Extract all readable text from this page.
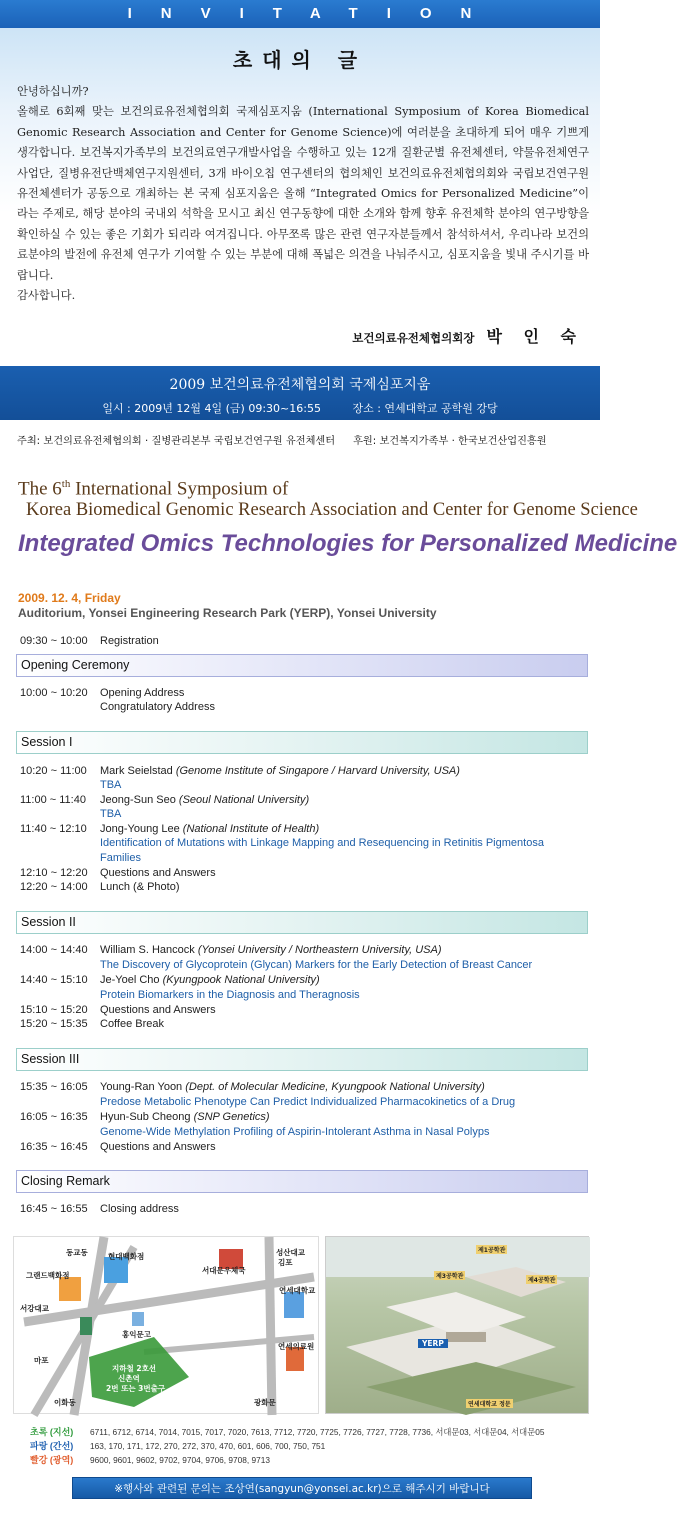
INVITATION
초대의 글

안녕하십니까?

올해로 6회째 맞는 보건의료유전체협의회 국제심포지움 (International Symposium of Korea Biomedical Genomic Research Association and Center for Genome Science)에 여러분을 초대하게 되어 매우 기쁘게 생각합니다. 보건복지가족부의 보건의료연구개발사업을 수행하고 있는 12개 질환군별 유전체센터, 약물유전체연구사업단, 질병유전단백체연구지원센터, 3개 바이오칩 연구센터의 협의체인 보건의료유전체협의회와 국립보건연구원 유전체센터가 공동으로 개최하는 본 국제 심포지움은 올해 “Integrated Omics for Personalized Medicine”이라는 주제로, 해당 분야의 국내외 석학을 모시고 최신 연구동향에 대한 소개와 함께 향후 유전체학 분야의 연구방향을 확인하실 수 있는 좋은 기회가 되리라 여겨집니다. 아무쪼록 많은 관련 연구자분들께서 참석하셔서, 우리나라 보건의료분야의 발전에 유전체 연구가 기여할 수 있는 부분에 대해 폭넓은 의견을 나눠주시고, 심포지움을 빛내 주시기를 바랍니다.

감사합니다.

보건의료유전체협의회장 박 인 숙
2009 보건의료유전체협의회 국제심포지움
일시 : 2009년 12월 4일 (금) 09:30~16:55	장소 : 연세대학교 공학원 강당
주최: 보건의료유전체협의회 · 질병관리본부 국립보건연구원 유전체센터 후원: 보건복지가족부 · 한국보건산업진흥원
The 6th International Symposium of
Korea Biomedical Genomic Research Association and Center for Genome Science
Integrated Omics Technologies for Personalized Medicine
2009. 12. 4, Friday
Auditorium, Yonsei Engineering Research Park (YERP), Yonsei University
09:30 ~ 10:00 Registration
Opening Ceremony
10:00 ~ 10:20 Opening Address
Congratulatory Address
Session I
10:20 ~ 11:00 Mark Seielstad (Genome Institute of Singapore / Harvard University, USA)
TBA
11:00 ~ 11:40 Jeong-Sun Seo (Seoul National University)
TBA
11:40 ~ 12:10 Jong-Young Lee (National Institute of Health)
Identification of Mutations with Linkage Mapping and Resequencing in Retinitis Pigmentosa
Families
12:10 ~ 12:20 Questions and Answers
12:20 ~ 14:00 Lunch (& Photo)
Session II
14:00 ~ 14:40 William S. Hancock (Yonsei University / Northeastern University, USA)
The Discovery of Glycoprotein (Glycan) Markers for the Early Detection of Breast Cancer
14:40 ~ 15:10 Je-Yoel Cho (Kyungpook National University)
Protein Biomarkers in the Diagnosis and Theragnosis
15:10 ~ 15:20 Questions and Answers
15:20 ~ 15:35 Coffee Break
Session III
15:35 ~ 16:05 Young-Ran Yoon (Dept. of Molecular Medicine, Kyungpook National University)
Predose Metabolic Phenotype Can Predict Individualized Pharmacokinetics of a Drug
16:05 ~ 16:35 Hyun-Sub Cheong (SNP Genetics)
Genome-Wide Methylation Profiling of Aspirin-Intolerant Asthma in Nasal Polyps
16:35 ~ 16:45 Questions and Answers
Closing Remark
16:45 ~ 16:55 Closing address
동교동	현대백화점
그랜드백화점
서강대교
서대문우체국
성산대교
김포
연세대학교
연세의료원
마포
홍익문고
이화동	광화문
지하철 2호선
신촌역
2번 또는 3번출구
YERP
제1공학관
제3공학관
제4공학관
연세대학교 정문
초록 (지선) 6711, 6712, 6714, 7014, 7015, 7017, 7020, 7613, 7712, 7720, 7725, 7726, 7727, 7728, 7736, 서대문03, 서대문04, 서대문05
파랑 (간선) 163, 170, 171, 172, 270, 272, 370, 470, 601, 606, 700, 750, 751
빨강 (광역) 9600, 9601, 9602, 9702, 9704, 9706, 9708, 9713
※행사와 관련된 문의는 조상연(sangyun@yonsei.ac.kr)으로 해주시기 바랍니다
